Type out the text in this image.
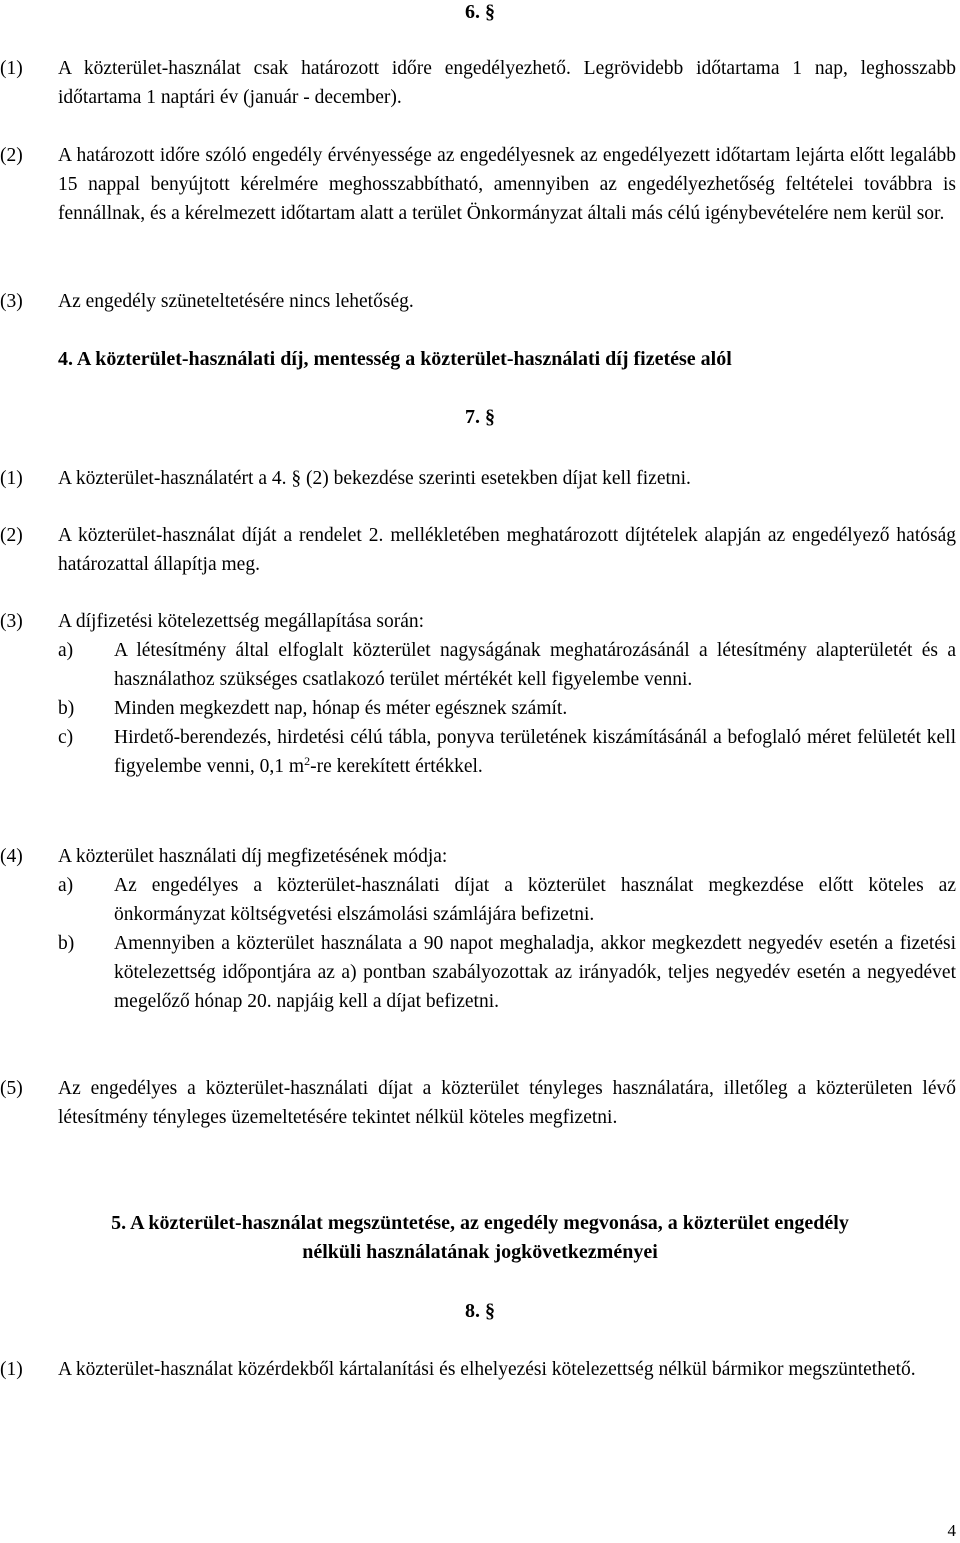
6. §
(1) A közterület-használat csak határozott időre engedélyezhető. Legrövidebb időtartama 1 nap, leghosszabb időtartama 1 naptári év (január - december).
(2) A határozott időre szóló engedély érvényessége az engedélyesnek az engedélyezett időtartam lejárta előtt legalább 15 nappal benyújtott kérelmére meghosszabbítható, amennyiben az engedélyezhetőség feltételei továbbra is fennállnak, és a kérelmezett időtartam alatt a terület Önkormányzat általi más célú igénybevételére nem kerül sor.
(3) Az engedély szüneteltetésére nincs lehetőség.
4. A közterület-használati díj, mentesség a közterület-használati díj fizetése alól
7. §
(1) A közterület-használatért a 4. § (2) bekezdése szerinti esetekben díjat kell fizetni.
(2) A közterület-használat díját a rendelet 2. mellékletében meghatározott díjtételek alapján az engedélyező hatóság határozattal állapítja meg.
(3) A díjfizetési kötelezettség megállapítása során:
a) A létesítmény által elfoglalt közterület nagyságának meghatározásánál a létesítmény alapterületét és a használathoz szükséges csatlakozó terület mértékét kell figyelembe venni.
b) Minden megkezdett nap, hónap és méter egésznek számít.
c) Hirdető-berendezés, hirdetési célú tábla, ponyva területének kiszámításánál a befoglaló méret felületét kell figyelembe venni, 0,1 $m^2-re$ kerekített értékkel.
(4) A közterület használati díj megfizetésének módja:
a) Az engedélyes a közterület-használati díjat a közterület használat megkezdése előtt köteles az önkormányzat költségvetési elszámolási számlájára befizetni.
b) Amennyiben a közterület használata a 90 napot meghaladja, akkor megkezdett negyedév esetén a fizetési kötelezettség időpontjára az a) pontban szabályozottak az irányadók, teljes negyedév esetén a negyedévet megelőző hónap 20. napjáig kell a díjat befizetni.
(5) Az engedélyes a közterület-használati díjat a közterület tényleges használatára, illetőleg a közterületen lévő létesítmény tényleges üzemeltetésére tekintet nélkül köteles megfizetni.
5. A közterület-használat megszüntetése, az engedély megvonása, a közterület engedély
nélküli használatának jogkövetkezményei
8. §
(1) A közterület-használat közérdekből kártalanítási és elhelyezési kötelezettség nélkül bármikor megszüntethető.
4
